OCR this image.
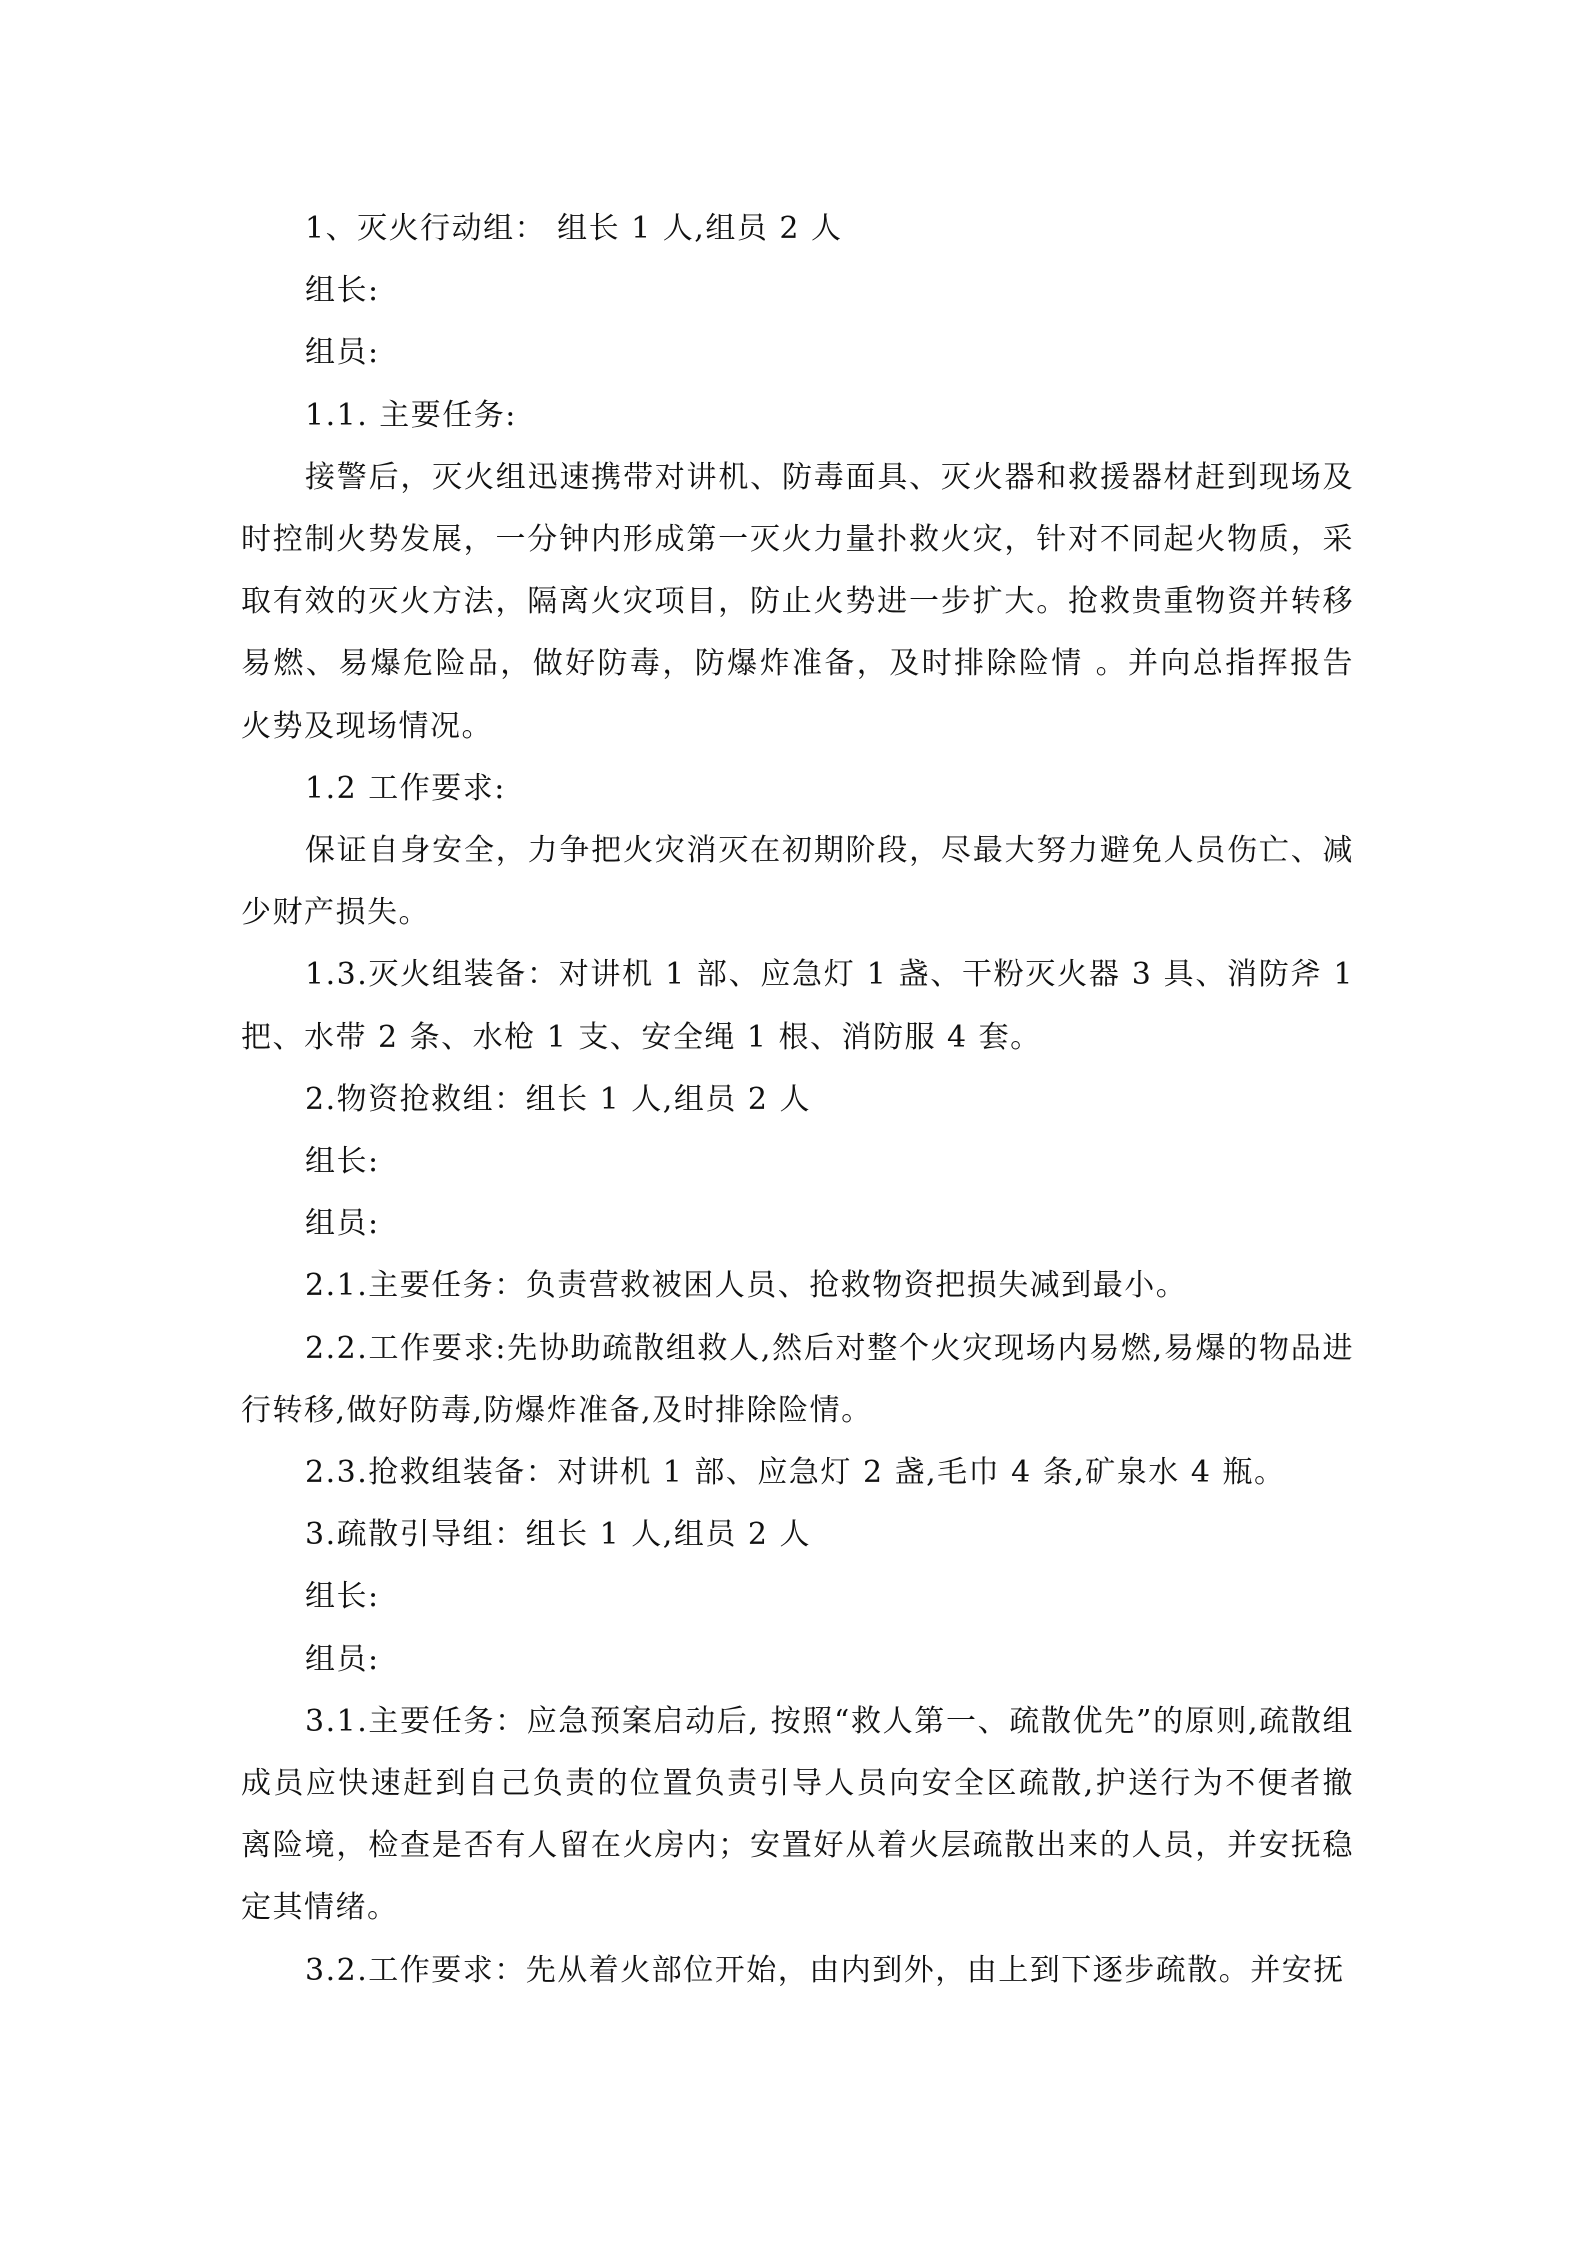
1、灭火行动组： 组长 1 人,组员 2 人

组长:

组员:

1.1. 主要任务:

接警后，灭火组迅速携带对讲机、防毒面具、灭火器和救援器材赶到现场及时控制火势发展，一分钟内形成第一灭火力量扑救火灾，针对不同起火物质，采取有效的灭火方法，隔离火灾项目，防止火势进一步扩大。抢救贵重物资并转移易燃、易爆危险品，做好防毒，防爆炸准备，及时排除险情 。并向总指挥报告火势及现场情况。

1.2 工作要求:

保证自身安全，力争把火灾消灭在初期阶段，尽最大努力避免人员伤亡、减少财产损失。

1.3.灭火组装备：对讲机 1 部、应急灯 1 盏、干粉灭火器 3 具、消防斧 1 把、水带 2 条、水枪 1 支、安全绳 1 根、消防服 4 套。

2.物资抢救组：组长 1 人,组员 2 人

组长:

组员:

2.1.主要任务：负责营救被困人员、抢救物资把损失减到最小。

2.2.工作要求:先协助疏散组救人,然后对整个火灾现场内易燃,易爆的物品进行转移,做好防毒,防爆炸准备,及时排除险情。

2.3.抢救组装备：对讲机 1 部、应急灯 2 盏,毛巾 4 条,矿泉水 4 瓶。

3.疏散引导组：组长 1 人,组员 2 人

组长:

组员:

3.1.主要任务：应急预案启动后, 按照“救人第一、疏散优先”的原则,疏散组成员应快速赶到自己负责的位置负责引导人员向安全区疏散,护送行为不便者撤离险境，检查是否有人留在火房内；安置好从着火层疏散出来的人员，并安抚稳定其情绪。

3.2.工作要求：先从着火部位开始，由内到外，由上到下逐步疏散。并安抚
